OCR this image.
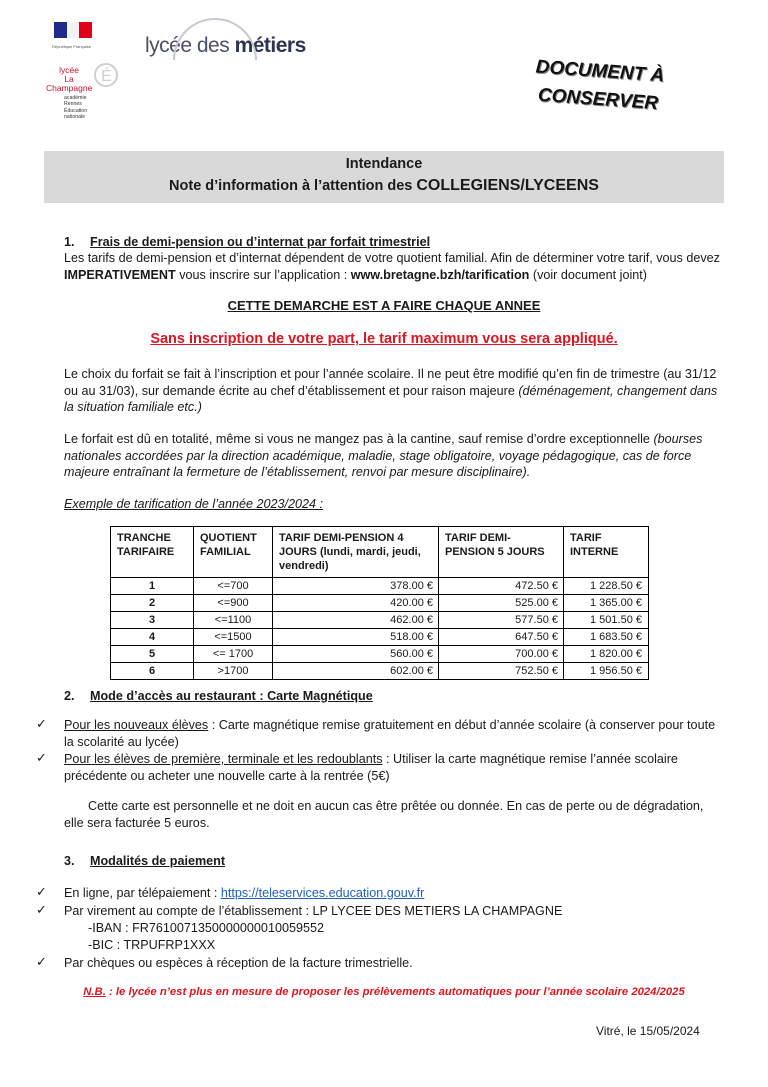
République Française	lycée des métiers
lycée
La Champagne
É
académie
Rennes
Éducation
nationale
DOCUMENT À
CONSERVER
Intendance
Note d’information à l’attention des COLLEGIENS/LYCEENS
1. Frais de demi-pension ou d’internat par forfait trimestriel
Les tarifs de demi-pension et d’internat dépendent de votre quotient familial. Afin de déterminer votre tarif, vous devez IMPERATIVEMENT vous inscrire sur l’application : www.bretagne.bzh/tarification (voir document joint)
CETTE DEMARCHE EST A FAIRE CHAQUE ANNEE
Sans inscription de votre part, le tarif maximum vous sera appliqué.
Le choix du forfait se fait à l’inscription et pour l’année scolaire. Il ne peut être modifié qu’en fin de trimestre (au 31/12 ou au 31/03), sur demande écrite au chef d’établissement et pour raison majeure (déménagement, changement dans la situation familiale etc.)
Le forfait est dû en totalité, même si vous ne mangez pas à la cantine, sauf remise d’ordre exceptionnelle (bourses nationales accordées par la direction académique, maladie, stage obligatoire, voyage pédagogique, cas de force majeure entraînant la fermeture de l’établissement, renvoi par mesure disciplinaire).
Exemple de tarification de l’année 2023/2024 :
TRANCHE TARIFAIRE	QUOTIENT FAMILIAL	TARIF DEMI-PENSION 4 JOURS (lundi, mardi, jeudi, vendredi)	TARIF DEMI-PENSION 5 JOURS	TARIF INTERNE
1	<=700	378.00 €	472.50 €	1 228.50 €
2	<=900	420.00 €	525.00 €	1 365.00 €
3	<=1100	462.00 €	577.50 €	1 501.50 €
4	<=1500	518.00 €	647.50 €	1 683.50 €
5	<= 1700	560.00 €	700.00 €	1 820.00 €
6	>1700	602.00 €	752.50 €	1 956.50 €
2. Mode d’accès au restaurant : Carte Magnétique
✓ Pour les nouveaux élèves : Carte magnétique remise gratuitement en début d’année scolaire (à conserver pour toute la scolarité au lycée)
✓ Pour les élèves de première, terminale et les redoublants : Utiliser la carte magnétique remise l’année scolaire précédente ou acheter une nouvelle carte à la rentrée (5€)
Cette carte est personnelle et ne doit en aucun cas être prêtée ou donnée. En cas de perte ou de dégradation, elle sera facturée 5 euros.
3. Modalités de paiement
✓ En ligne, par télépaiement : https://teleservices.education.gouv.fr
✓ Par virement au compte de l’établissement : LP LYCEE DES METIERS LA CHAMPAGNE
-IBAN : FR7610071350000000010059552
-BIC : TRPUFRP1XXX
✓ Par chèques ou espèces à réception de la facture trimestrielle.
N.B. : le lycée n’est plus en mesure de proposer les prélèvements automatiques pour l’année scolaire 2024/2025
Vitré, le 15/05/2024
